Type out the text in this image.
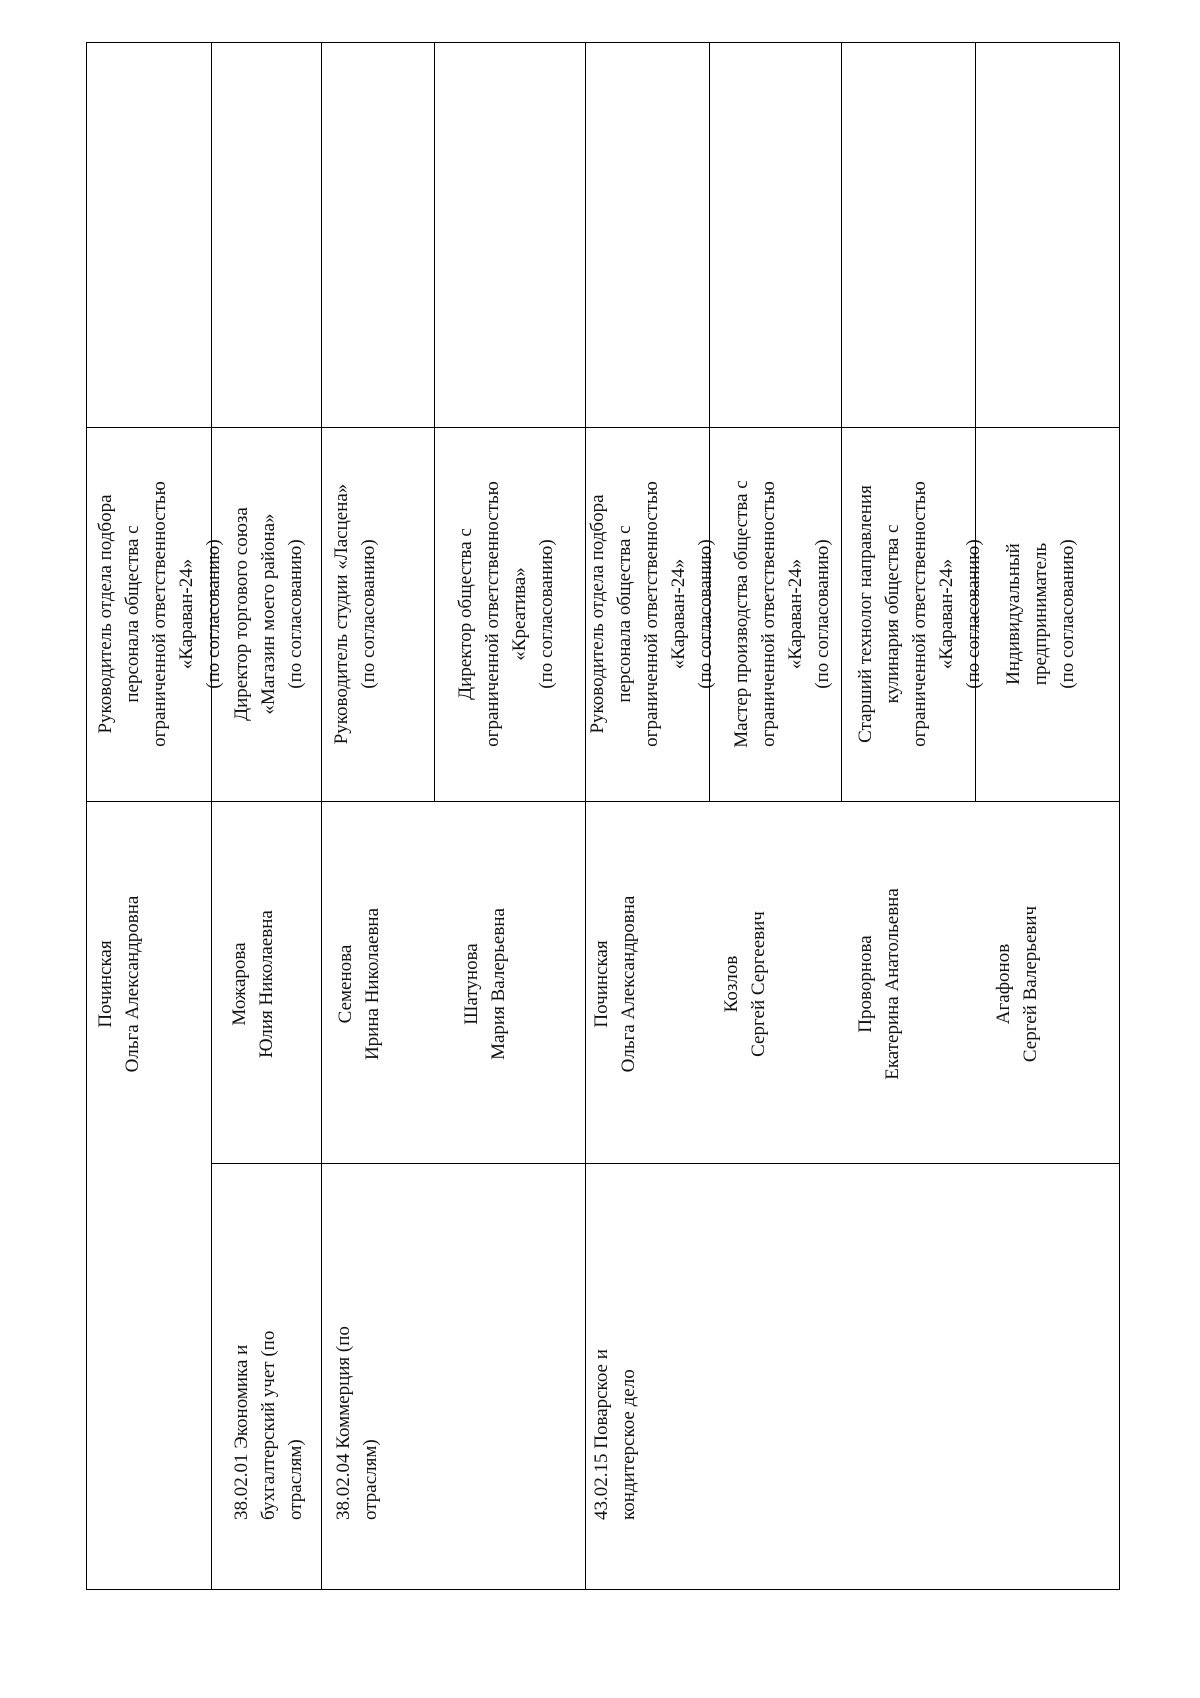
Руководитель отдела подбора персонала общества с ограниченной ответственностью «Караван-24» (по согласованию)
Починская Ольга Александровна
Директор торгового союза «Магазин моего района» (по согласованию)
Можарова Юлия Николаевна
38.02.01 Экономика и бухгалтерский учет (по отраслям)
Руководитель студии «Ласцена» (по согласованию)
Семенова Ирина Николаевна
38.02.04 Коммерция (по отраслям)
Директор общества с ограниченной ответственностью «Креатива» (по согласованию)
Шатунова Мария Валерьевна
Руководитель отдела подбора персонала общества с ограниченной ответственностью «Караван-24» (по согласованию)
Починская Ольга Александровна
43.02.15 Поварское и кондитерское дело
Мастер производства общества с ограниченной ответственностью «Караван-24» (по согласованию)
Козлов Сергей Сергеевич
Старший технолог направления кулинария общества с ограниченной ответственностью «Караван-24» (по согласованию)
Проворнова Екатерина Анатольевна
Индивидуальный предприниматель (по согласованию)
Агафонов Сергей Валерьевич
